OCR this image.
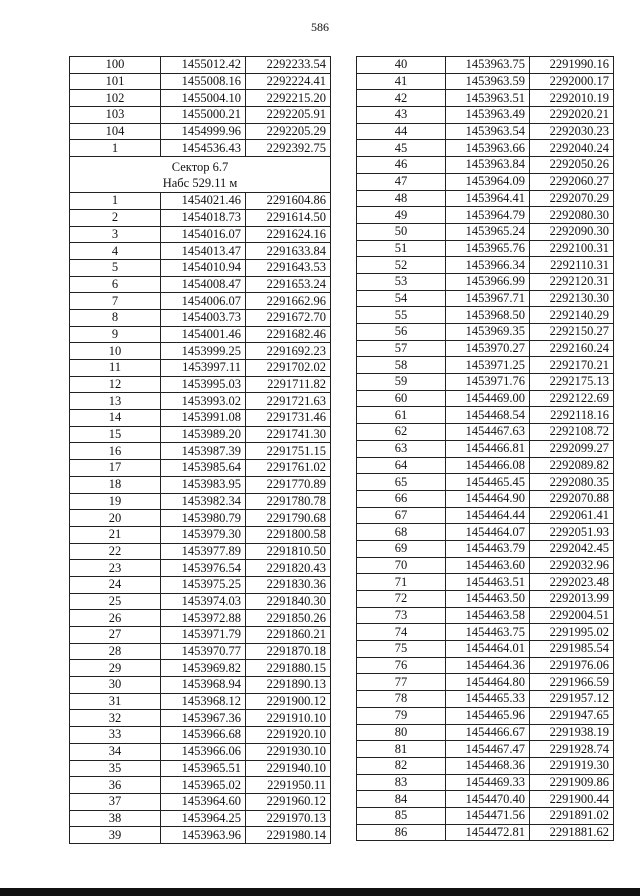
586
100	1455012.42	2292233.54
101	1455008.16	2292224.41
102	1455004.10	2292215.20
103	1455000.21	2292205.91
104	1454999.96	2292205.29
1	1454536.43	2292392.75
Сектор 6.7
Набс 529.11 м		
1	1454021.46	2291604.86
2	1454018.73	2291614.50
3	1454016.07	2291624.16
4	1454013.47	2291633.84
5	1454010.94	2291643.53
6	1454008.47	2291653.24
7	1454006.07	2291662.96
8	1454003.73	2291672.70
9	1454001.46	2291682.46
10	1453999.25	2291692.23
11	1453997.11	2291702.02
12	1453995.03	2291711.82
13	1453993.02	2291721.63
14	1453991.08	2291731.46
15	1453989.20	2291741.30
16	1453987.39	2291751.15
17	1453985.64	2291761.02
18	1453983.95	2291770.89
19	1453982.34	2291780.78
20	1453980.79	2291790.68
21	1453979.30	2291800.58
22	1453977.89	2291810.50
23	1453976.54	2291820.43
24	1453975.25	2291830.36
25	1453974.03	2291840.30
26	1453972.88	2291850.26
27	1453971.79	2291860.21
28	1453970.77	2291870.18
29	1453969.82	2291880.15
30	1453968.94	2291890.13
31	1453968.12	2291900.12
32	1453967.36	2291910.10
33	1453966.68	2291920.10
34	1453966.06	2291930.10
35	1453965.51	2291940.10
36	1453965.02	2291950.11
37	1453964.60	2291960.12
38	1453964.25	2291970.13
39	1453963.96	2291980.14
40	1453963.75	2291990.16
41	1453963.59	2292000.17
42	1453963.51	2292010.19
43	1453963.49	2292020.21
44	1453963.54	2292030.23
45	1453963.66	2292040.24
46	1453963.84	2292050.26
47	1453964.09	2292060.27
48	1453964.41	2292070.29
49	1453964.79	2292080.30
50	1453965.24	2292090.30
51	1453965.76	2292100.31
52	1453966.34	2292110.31
53	1453966.99	2292120.31
54	1453967.71	2292130.30
55	1453968.50	2292140.29
56	1453969.35	2292150.27
57	1453970.27	2292160.24
58	1453971.25	2292170.21
59	1453971.76	2292175.13
60	1454469.00	2292122.69
61	1454468.54	2292118.16
62	1454467.63	2292108.72
63	1454466.81	2292099.27
64	1454466.08	2292089.82
65	1454465.45	2292080.35
66	1454464.90	2292070.88
67	1454464.44	2292061.41
68	1454464.07	2292051.93
69	1454463.79	2292042.45
70	1454463.60	2292032.96
71	1454463.51	2292023.48
72	1454463.50	2292013.99
73	1454463.58	2292004.51
74	1454463.75	2291995.02
75	1454464.01	2291985.54
76	1454464.36	2291976.06
77	1454464.80	2291966.59
78	1454465.33	2291957.12
79	1454465.96	2291947.65
80	1454466.67	2291938.19
81	1454467.47	2291928.74
82	1454468.36	2291919.30
83	1454469.33	2291909.86
84	1454470.40	2291900.44
85	1454471.56	2291891.02
86	1454472.81	2291881.62
